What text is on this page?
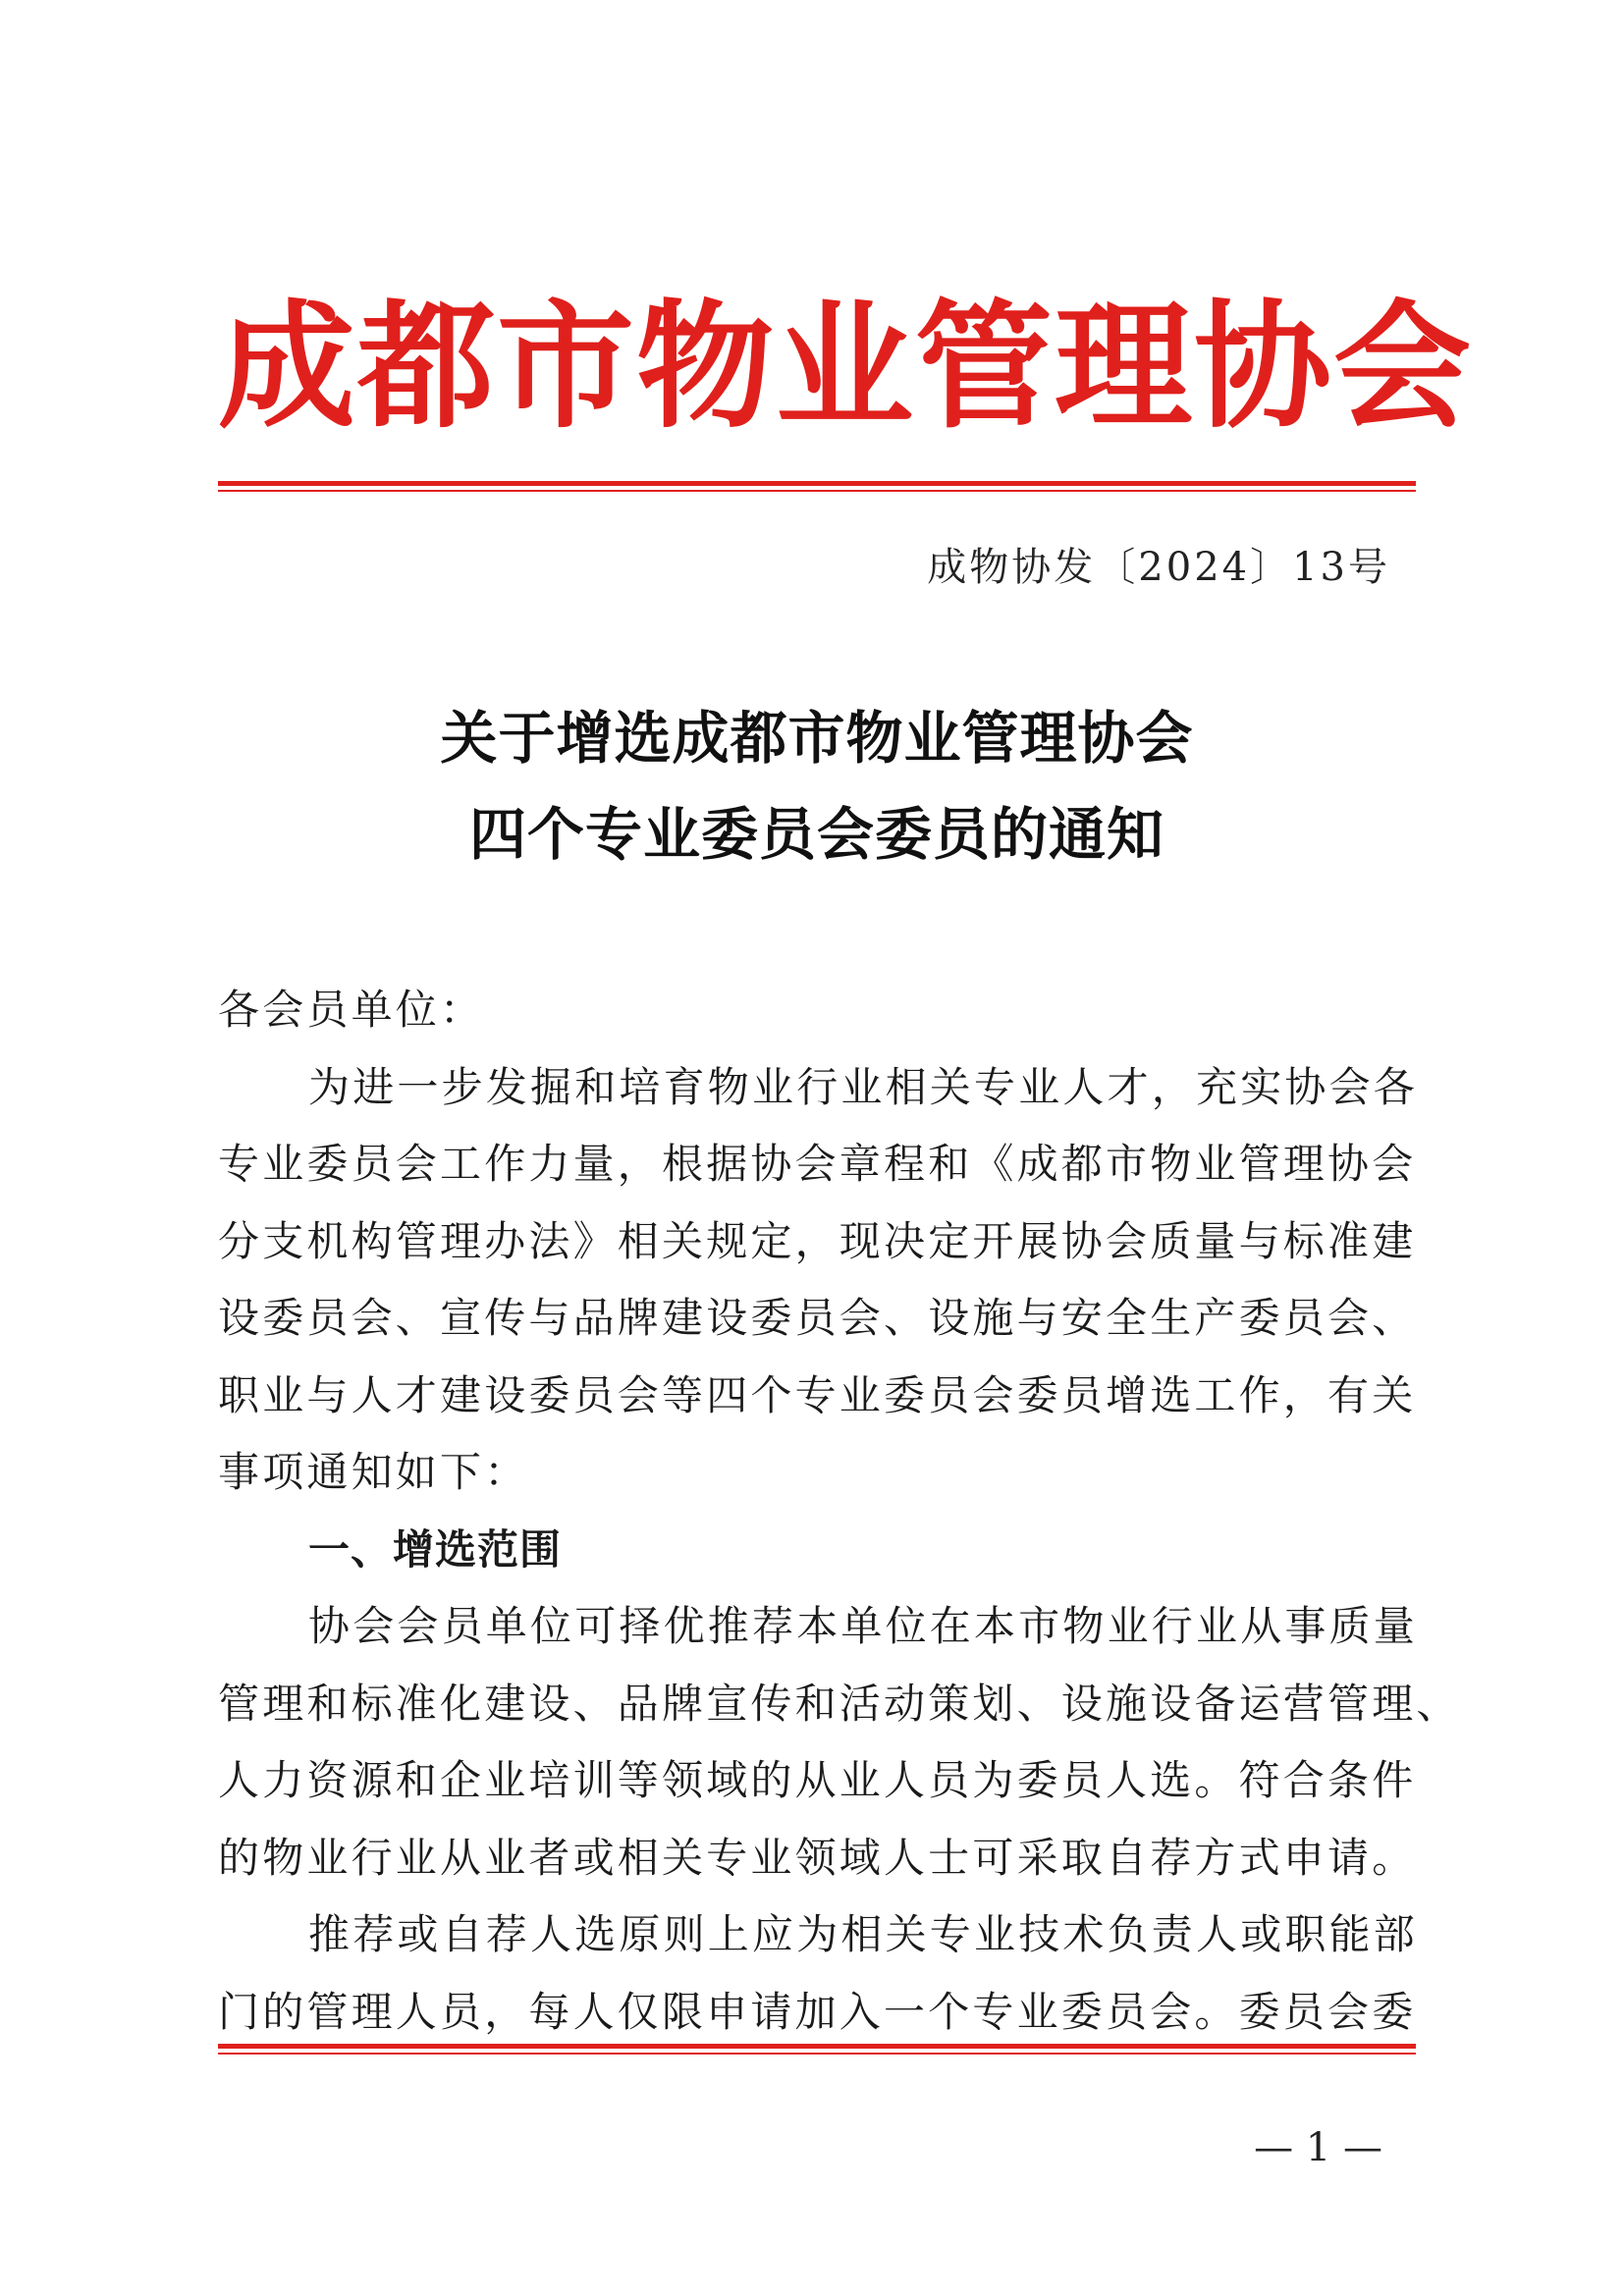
成都市物业管理协会
成物协发〔2024〕13号
关于增选成都市物业管理协会
四个专业委员会委员的通知
各会员单位：
为进一步发掘和培育物业行业相关专业人才，充实协会各
专业委员会工作力量，根据协会章程和《成都市物业管理协会
分支机构管理办法》相关规定，现决定开展协会质量与标准建
设委员会、宣传与品牌建设委员会、设施与安全生产委员会、
职业与人才建设委员会等四个专业委员会委员增选工作，有关
事项通知如下：
一、增选范围
协会会员单位可择优推荐本单位在本市物业行业从事质量
管理和标准化建设、品牌宣传和活动策划、设施设备运营管理、
人力资源和企业培训等领域的从业人员为委员人选。符合条件
的物业行业从业者或相关专业领域人士可采取自荐方式申请。
推荐或自荐人选原则上应为相关专业技术负责人或职能部
门的管理人员，每人仅限申请加入一个专业委员会。委员会委
— 1 —
